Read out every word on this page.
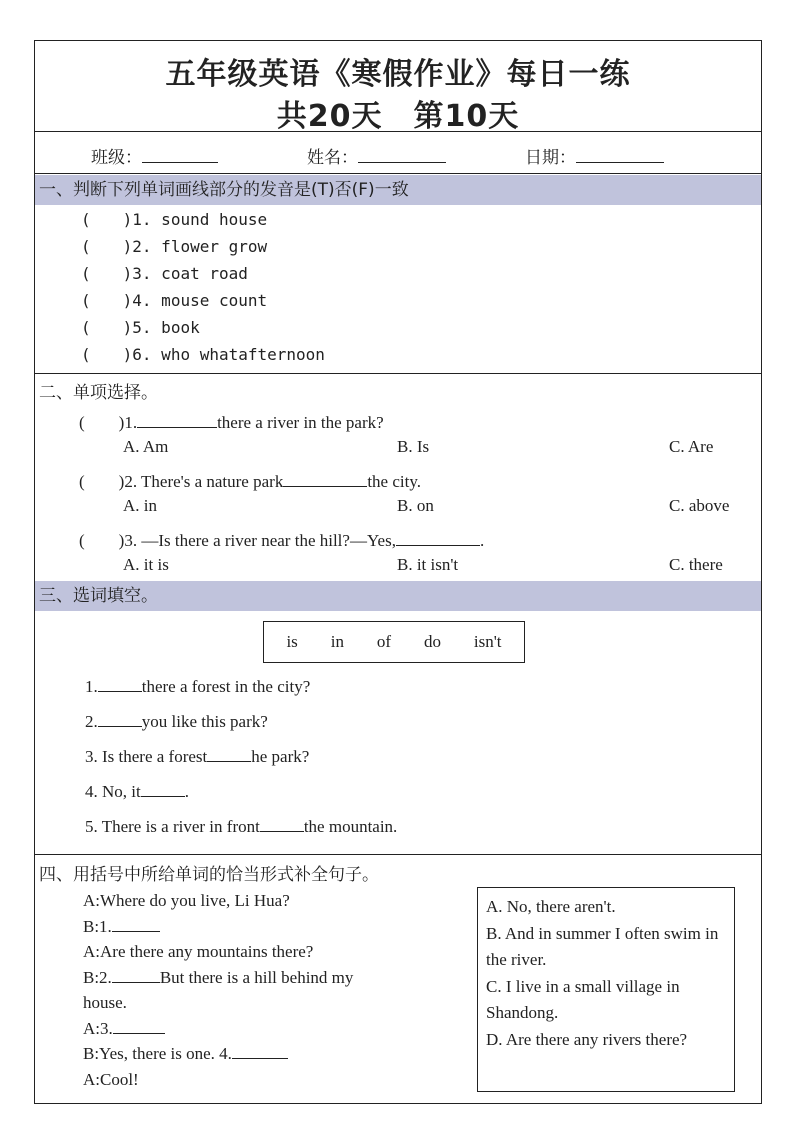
五年级英语《寒假作业》每日一练
共20天　第10天
班级：	姓名：	日期：
一、判断下列单词画线部分的发音是(T)否(F)一致
(　　)1. sound house
(　　)2. flower grow
(　　)3. coat road
(　　)4. mouse count
(　　)5. book
(　　)6. who whatafternoon
二、单项选择。
(　　)1.	there a river in the park?
A. Am	B. Is	C. Are
(　　)2. There's a nature park	the city.
A. in	B. on	C. above
(　　)3. —Is there a river near the hill?—Yes,	.
A. it is	B. it isn't	C. there
三、选词填空。
is in of do isn't
1.	there a forest in the city?
2.	you like this park?
3. Is there a forest	he park?
4. No, it	.
5. There is a river in front	the mountain.
四、用括号中所给单词的恰当形式补全句子。
A:Where do you live, Li Hua?
B:1.
A:Are there any mountains there?
B:2.	But there is a hill behind my
house.
A:3.
B:Yes, there is one. 4.
A:Cool!
A. No, there aren't.
B. And in summer I often swim in the river.
C. I live in a small village in Shandong.
D. Are there any rivers there?
